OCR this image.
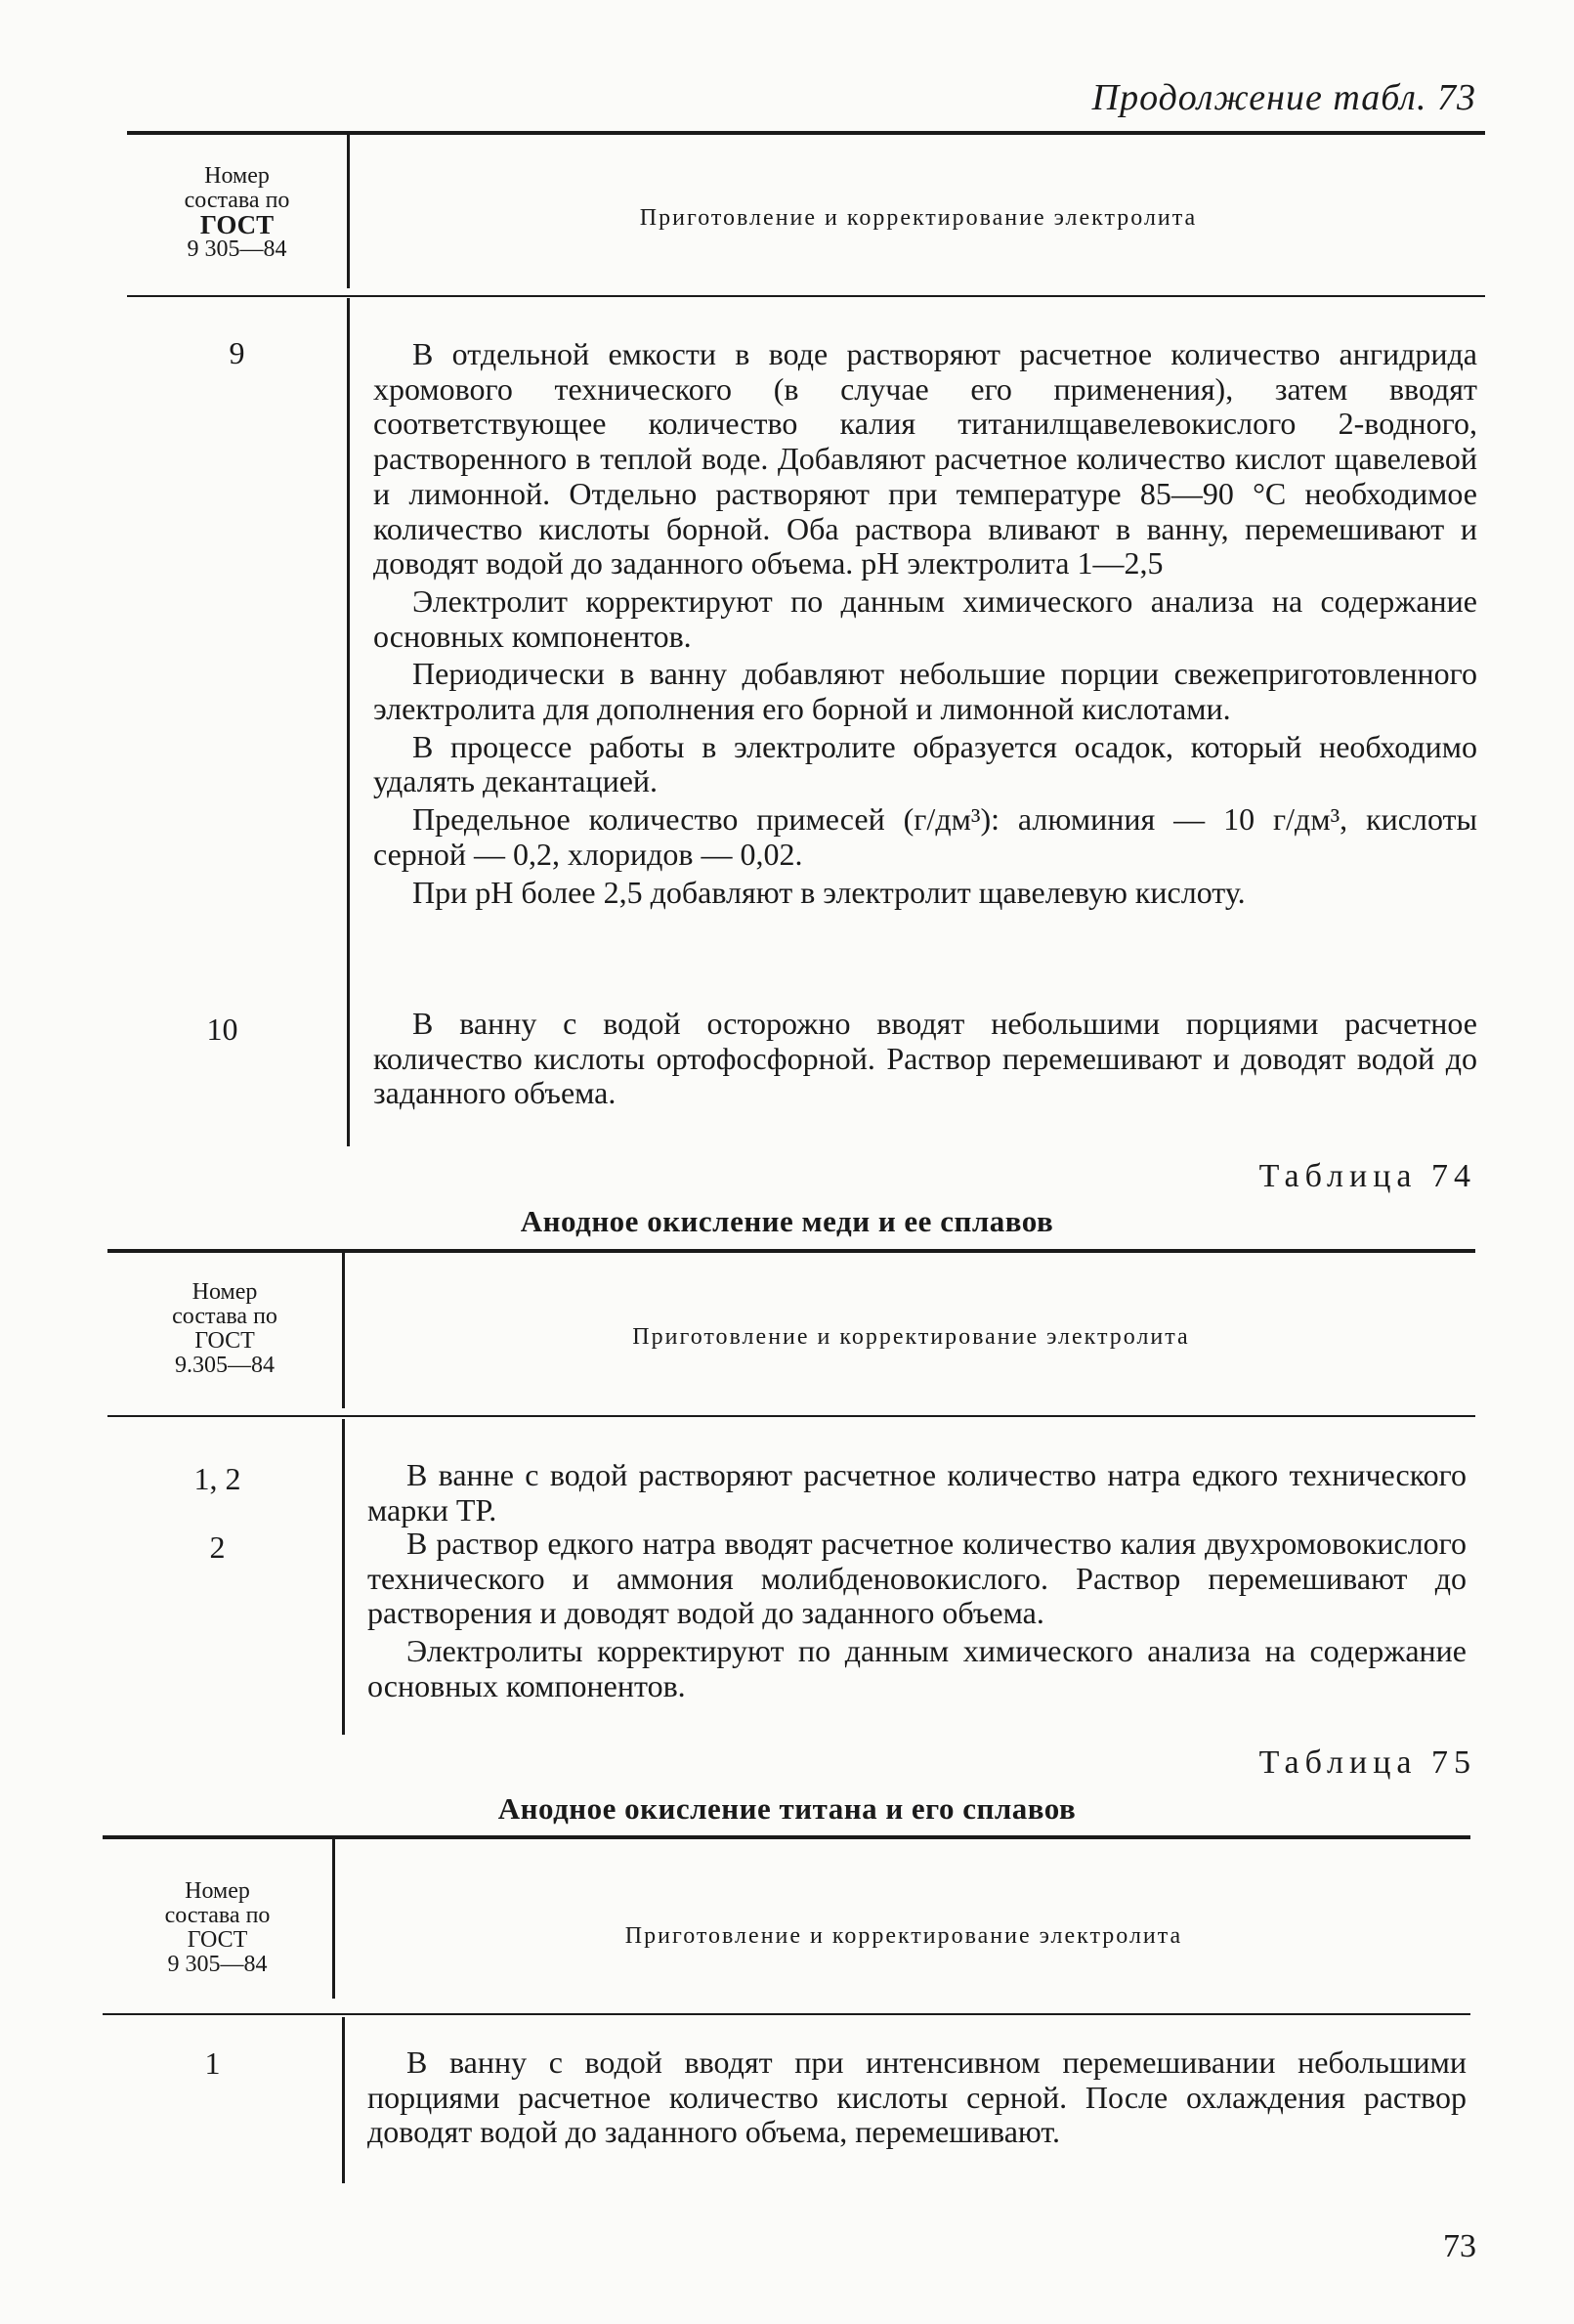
Продолжение табл. 73
Номер
состава по
ГОСТ
9 305—84
Приготовление и корректирование электролита
9	В отдельной емкости в воде растворяют расчетное количество ангидрида хромового технического (в случае его применения), затем вводят соответствующее количество калия титанилщавелевокислого 2-водного, растворенного в теплой воде. Добавляют расчетное количество кислот щавелевой и лимонной. Отдельно растворяют при температуре 85—90 °С необходимое количество кислоты борной. Оба раствора вливают в ванну, перемешивают и доводят водой до заданного объема. pH электролита 1—2,5

Электролит корректируют по данным химического анализа на содержание основных компонентов.

Периодически в ванну добавляют небольшие порции свежеприготовленного электролита для дополнения его борной и лимонной кислотами.

В процессе работы в электролите образуется осадок, который необходимо удалять декантацией.

Предельное количество примесей (г/дм³): алюминия — 10 г/дм³, кислоты серной — 0,2, хлоридов — 0,02.

При pH более 2,5 добавляют в электролит щавелевую кислоту.

10	В ванну с водой осторожно вводят небольшими порциями расчетное количество кислоты ортофосфорной. Раствор перемешивают и доводят водой до заданного объема.

Таблица 74
Анодное окисление меди и ее сплавов
Номер
состава по
ГОСТ
9.305—84
Приготовление и корректирование электролита
1, 2	В ванне с водой растворяют расчетное количество натра едкого технического марки ТР.

2	В раствор едкого натра вводят расчетное количество калия двухромовокислого технического и аммония молибденовокислого. Раствор перемешивают до растворения и доводят водой до заданного объема.

Электролиты корректируют по данным химического анализа на содержание основных компонентов.

Таблица 75
Анодное окисление титана и его сплавов
Номер
состава по
ГОСТ
9 305—84
Приготовление и корректирование электролита
1	В ванну с водой вводят при интенсивном перемешивании небольшими порциями расчетное количество кислоты серной. После охлаждения раствор доводят водой до заданного объема, перемешивают.

73
